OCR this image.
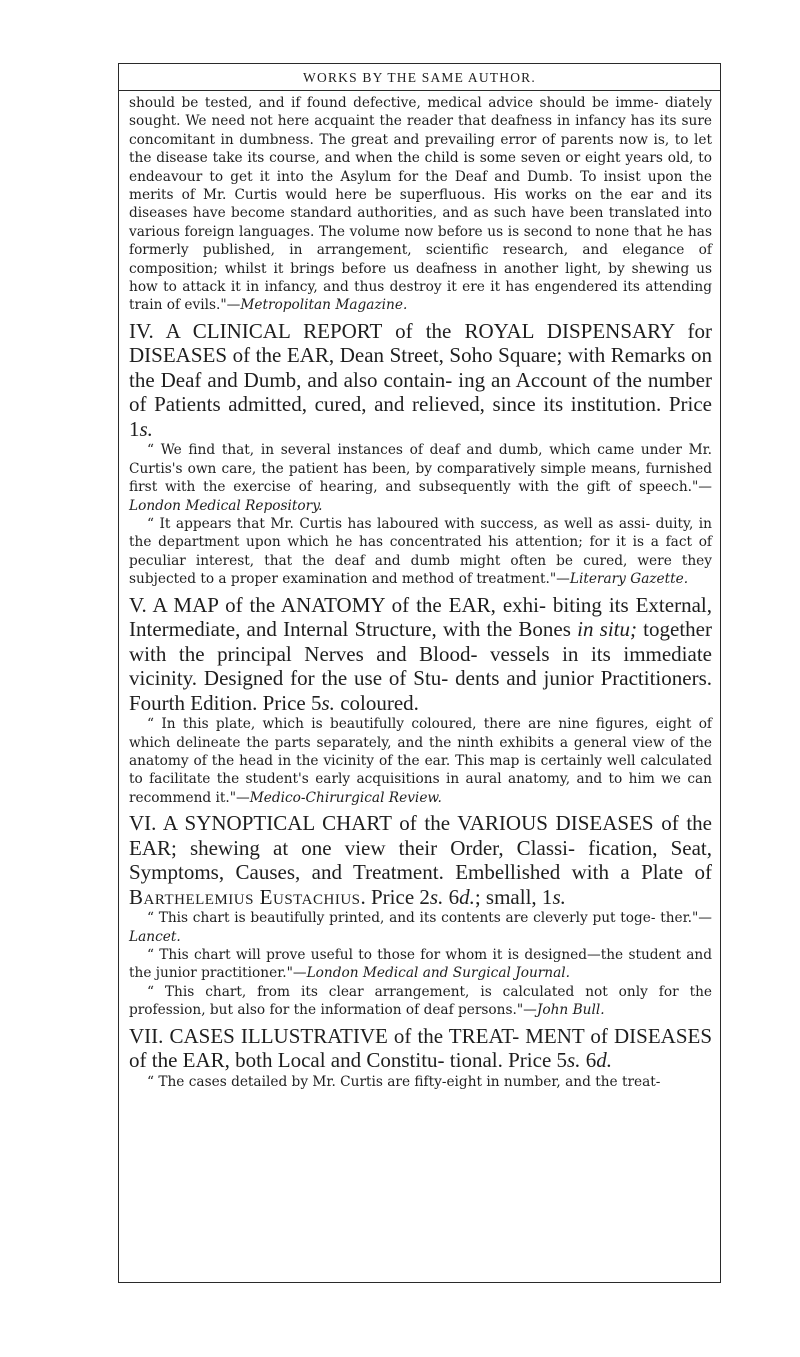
WORKS BY THE SAME AUTHOR.

should be tested, and if found defective, medical advice should be imme- diately sought. We need not here acquaint the reader that deafness in infancy has its sure concomitant in dumbness. The great and prevailing error of parents now is, to let the disease take its course, and when the child is some seven or eight years old, to endeavour to get it into the Asylum for the Deaf and Dumb. To insist upon the merits of Mr. Curtis would here be superfluous. His works on the ear and its diseases have become standard authorities, and as such have been translated into various foreign languages. The volume now before us is second to none that he has formerly published, in arrangement, scientific research, and elegance of composition; whilst it brings before us deafness in another light, by shewing us how to attack it in infancy, and thus destroy it ere it has engendered its attending train of evils."—Metropolitan Magazine.

IV. A CLINICAL REPORT of the ROYAL DISPENSARY for DISEASES of the EAR, Dean Street, Soho Square; with Remarks on the Deaf and Dumb, and also contain- ing an Account of the number of Patients admitted, cured, and relieved, since its institution. Price 1s.

“ We find that, in several instances of deaf and dumb, which came under Mr. Curtis's own care, the patient has been, by comparatively simple means, furnished first with the exercise of hearing, and subsequently with the gift of speech."—London Medical Repository.

“ It appears that Mr. Curtis has laboured with success, as well as assi- duity, in the department upon which he has concentrated his attention; for it is a fact of peculiar interest, that the deaf and dumb might often be cured, were they subjected to a proper examination and method of treatment."—Literary Gazette.

V. A MAP of the ANATOMY of the EAR, exhi- biting its External, Intermediate, and Internal Structure, with the Bones in situ; together with the principal Nerves and Blood- vessels in its immediate vicinity. Designed for the use of Stu- dents and junior Practitioners. Fourth Edition. Price 5s. coloured.

“ In this plate, which is beautifully coloured, there are nine figures, eight of which delineate the parts separately, and the ninth exhibits a general view of the anatomy of the head in the vicinity of the ear. This map is certainly well calculated to facilitate the student's early acquisitions in aural anatomy, and to him we can recommend it."—Medico-Chirurgical Review.

VI. A SYNOPTICAL CHART of the VARIOUS DISEASES of the EAR; shewing at one view their Order, Classi- fication, Seat, Symptoms, Causes, and Treatment. Embellished with a Plate of Barthelemius Eustachius. Price 2s. 6d.; small, 1s.

“ This chart is beautifully printed, and its contents are cleverly put toge- ther."—Lancet.

“ This chart will prove useful to those for whom it is designed—the student and the junior practitioner."—London Medical and Surgical Journal.

“ This chart, from its clear arrangement, is calculated not only for the profession, but also for the information of deaf persons."—John Bull.

VII. CASES ILLUSTRATIVE of the TREAT- MENT of DISEASES of the EAR, both Local and Constitu- tional. Price 5s. 6d.

“ The cases detailed by Mr. Curtis are fifty-eight in number, and the treat-
